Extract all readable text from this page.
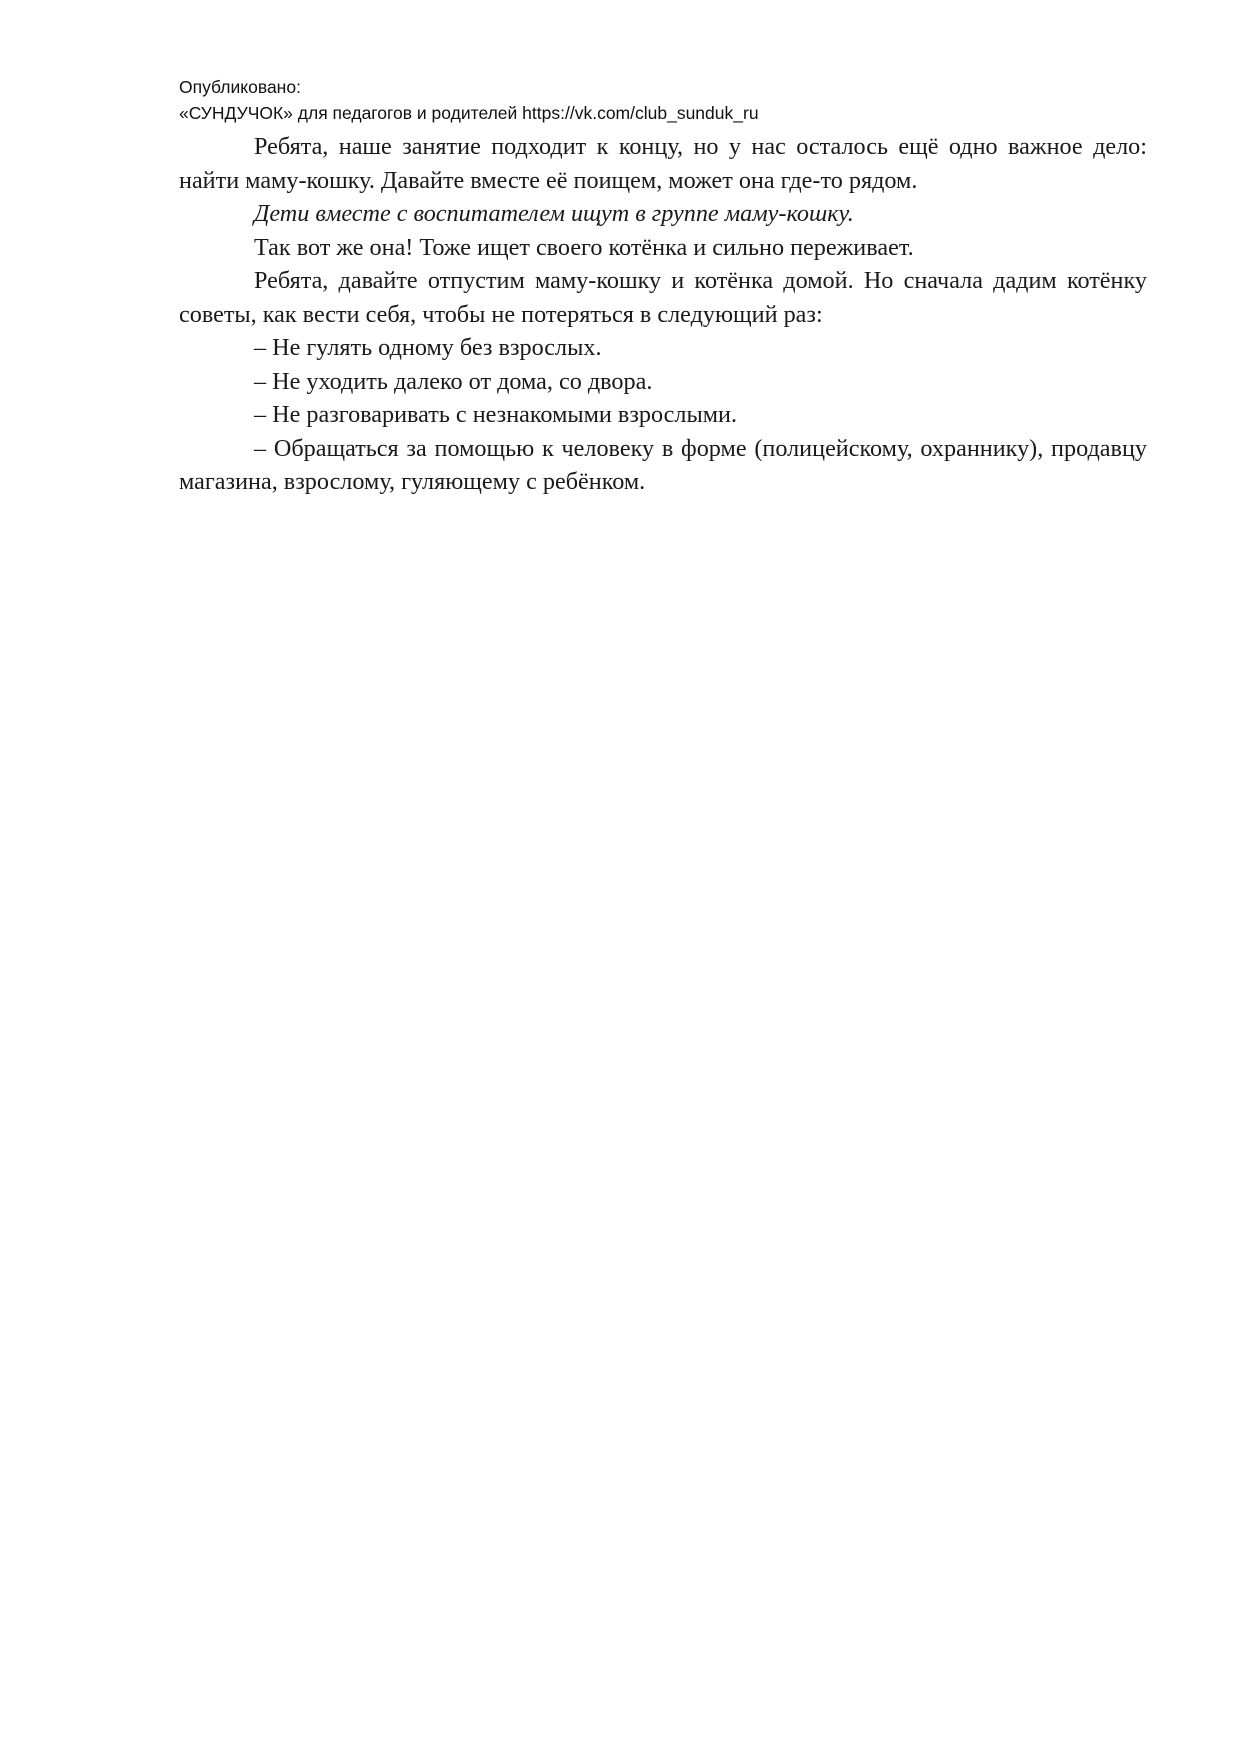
Опубликовано:
«СУНДУЧОК» для педагогов и родителей https://vk.com/club_sunduk_ru

Ребята, наше занятие подходит к концу, но у нас осталось ещё одно важное дело: найти маму-кошку. Давайте вместе её поищем, может она где-то рядом.

Дети вместе с воспитателем ищут в группе маму-кошку.

Так вот же она! Тоже ищет своего котёнка и сильно переживает.

Ребята, давайте отпустим маму-кошку и котёнка домой. Но сначала дадим котёнку советы, как вести себя, чтобы не потеряться в следующий раз:

– Не гулять одному без взрослых.

– Не уходить далеко от дома, со двора.

– Не разговаривать с незнакомыми взрослыми.

– Обращаться за помощью к человеку в форме (полицейскому, охраннику), продавцу магазина, взрослому, гуляющему с ребёнком.
